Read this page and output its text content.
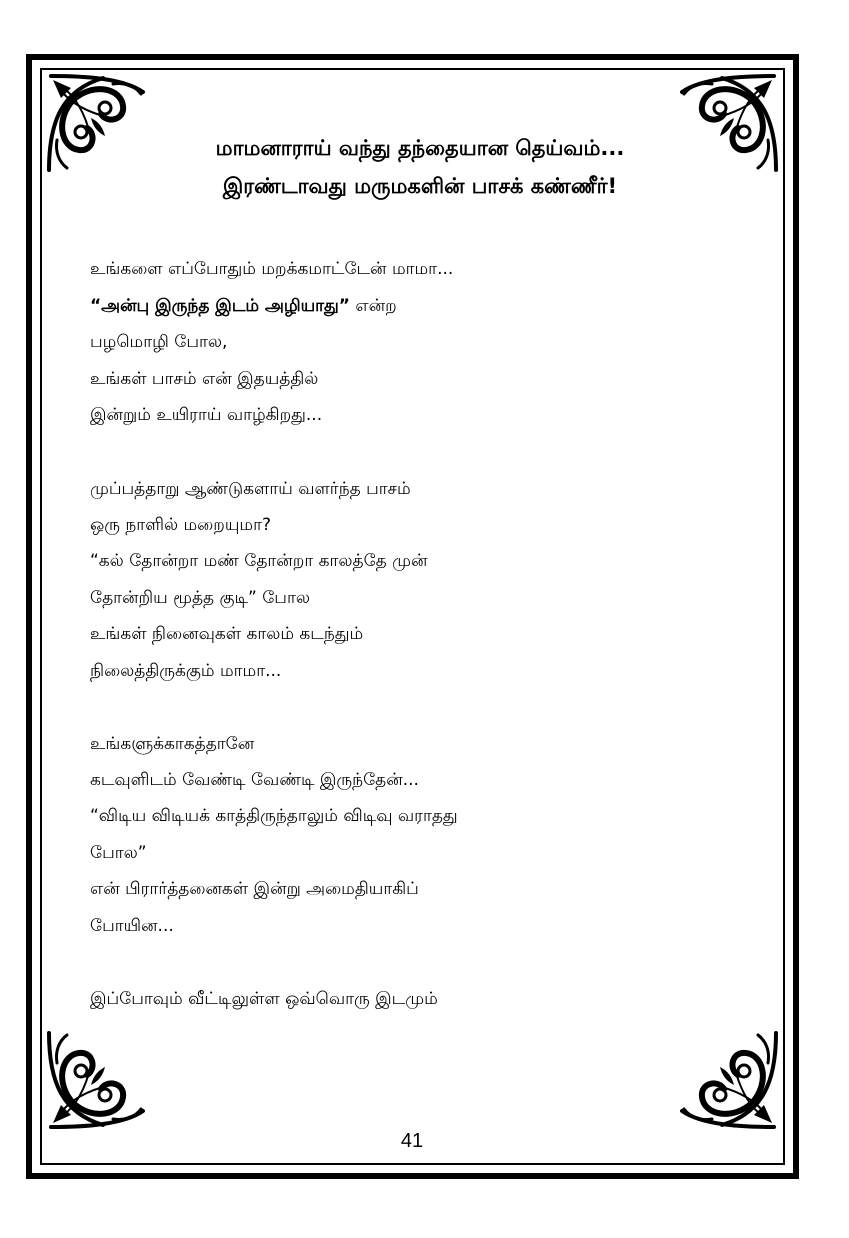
மாமனாராய் வந்து தந்தையான தெய்வம்...
இரண்டாவது மருமகளின் பாசக் கண்ணீர்!
உங்களை எப்போதும் மறக்கமாட்டேன் மாமா...
“அன்பு இருந்த இடம் அழியாது” என்ற
பழமொழி போல,
உங்கள் பாசம் என் இதயத்தில்
இன்றும் உயிராய் வாழ்கிறது...
முப்பத்தாறு ஆண்டுகளாய் வளர்ந்த பாசம்
ஒரு நாளில் மறையுமா?
“கல் தோன்றா மண் தோன்றா காலத்தே முன்
தோன்றிய மூத்த குடி” போல
உங்கள் நினைவுகள் காலம் கடந்தும்
நிலைத்திருக்கும் மாமா...
உங்களுக்காகத்தானே
கடவுளிடம் வேண்டி வேண்டி இருந்தேன்...
“விடிய விடியக் காத்திருந்தாலும் விடிவு வராதது
போல”
என் பிரார்த்தனைகள் இன்று அமைதியாகிப்
போயின...
இப்போவும் வீட்டிலுள்ள ஒவ்வொரு இடமும்
41
